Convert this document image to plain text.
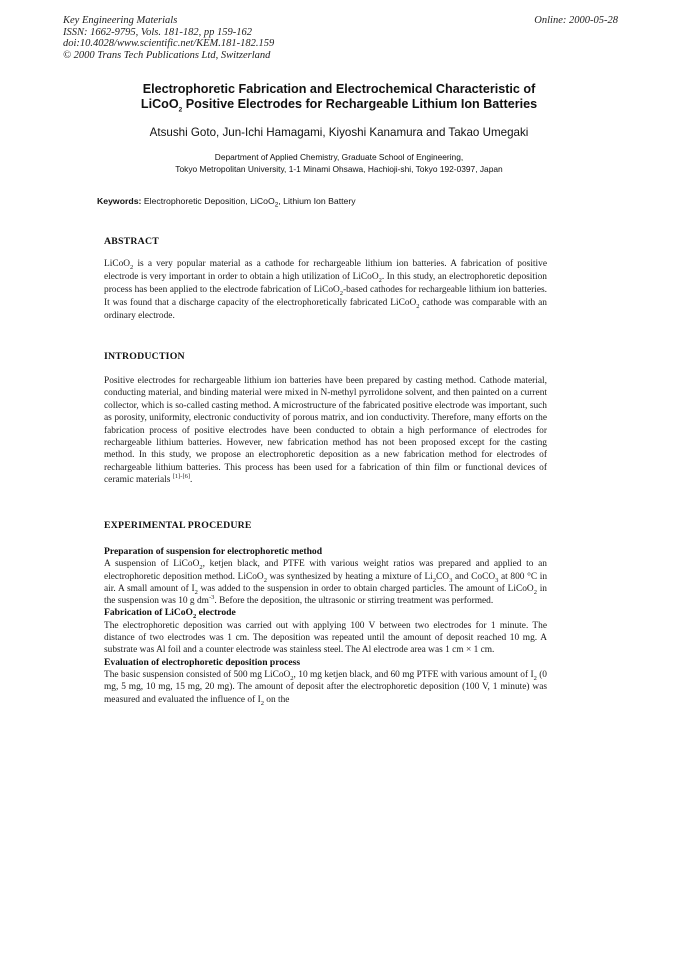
Key Engineering Materials
ISSN: 1662-9795, Vols. 181-182, pp 159-162
doi:10.4028/www.scientific.net/KEM.181-182.159
© 2000 Trans Tech Publications Ltd, Switzerland
Online: 2000-05-28
Electrophoretic Fabrication and Electrochemical Characteristic of
LiCoO$_2$ Positive Electrodes for Rechargeable Lithium Ion Batteries
Atsushi Goto, Jun-Ichi Hamagami, Kiyoshi Kanamura and Takao Umegaki
Department of Applied Chemistry, Graduate School of Engineering,
Tokyo Metropolitan University, 1-1 Minami Ohsawa, Hachioji-shi, Tokyo 192-0397, Japan
Keywords: Electrophoretic Deposition, LiCoO$_2$, Lithium Ion Battery
ABSTRACT

LiCoO$_2$ is a very popular material as a cathode for rechargeable lithium ion batteries. A fabrication of positive electrode is very important in order to obtain a high utilization of LiCoO$_2$. In this study, an electrophoretic deposition process has been applied to the electrode fabrication of LiCoO$_2$-based cathodes for rechargeable lithium ion batteries. It was found that a discharge capacity of the electrophoretically fabricated LiCoO$_2$ cathode was comparable with an ordinary electrode.

INTRODUCTION

Positive electrodes for rechargeable lithium ion batteries have been prepared by casting method. Cathode material, conducting material, and binding material were mixed in N-methyl pyrrolidone solvent, and then painted on a current collector, which is so-called casting method. A microstructure of the fabricated positive electrode was important, such as porosity, uniformity, electronic conductivity of porous matrix, and ion conductivity. Therefore, many efforts on the fabrication process of positive electrodes have been conducted to obtain a high performance of electrodes for rechargeable lithium batteries. However, new fabrication method has not been proposed except for the casting method. In this study, we propose an electrophoretic deposition as a new fabrication method for electrodes of rechargeable lithium batteries. This process has been used for a fabrication of thin film or functional devices of ceramic materials [1]-[6].

EXPERIMENTAL PROCEDURE
Preparation of suspension for electrophoretic method

A suspension of LiCoO$_2$, ketjen black, and PTFE with various weight ratios was prepared and applied to an electrophoretic deposition method. LiCoO$_2$ was synthesized by heating a mixture of $Li_2CO_3$ and CoCO$_3$ at 800 °C in air. A small amount of $I_2$ was added to the suspension in order to obtain charged particles. The amount of LiCoO$_2$ in the suspension was 10 g $dm^{-3}$. Before the deposition, the ultrasonic or stirring treatment was performed.

Fabrication of LiCoO$_2$ electrode

The electrophoretic deposition was carried out with applying 100 V between two electrodes for 1 minute. The distance of two electrodes was 1 cm. The deposition was repeated until the amount of deposit reached 10 mg. A substrate was Al foil and a counter electrode was stainless steel. The Al electrode area was 1 cm × 1 cm.

Evaluation of electrophoretic deposition process

The basic suspension consisted of 500 mg LiCoO$_2$, 10 mg ketjen black, and 60 mg PTFE with various amount of $I_2$ (0 mg, 5 mg, 10 mg, 15 mg, 20 mg). The amount of deposit after the electrophoretic deposition (100 V, 1 minute) was measured and evaluated the influence of $I_2$ on the
